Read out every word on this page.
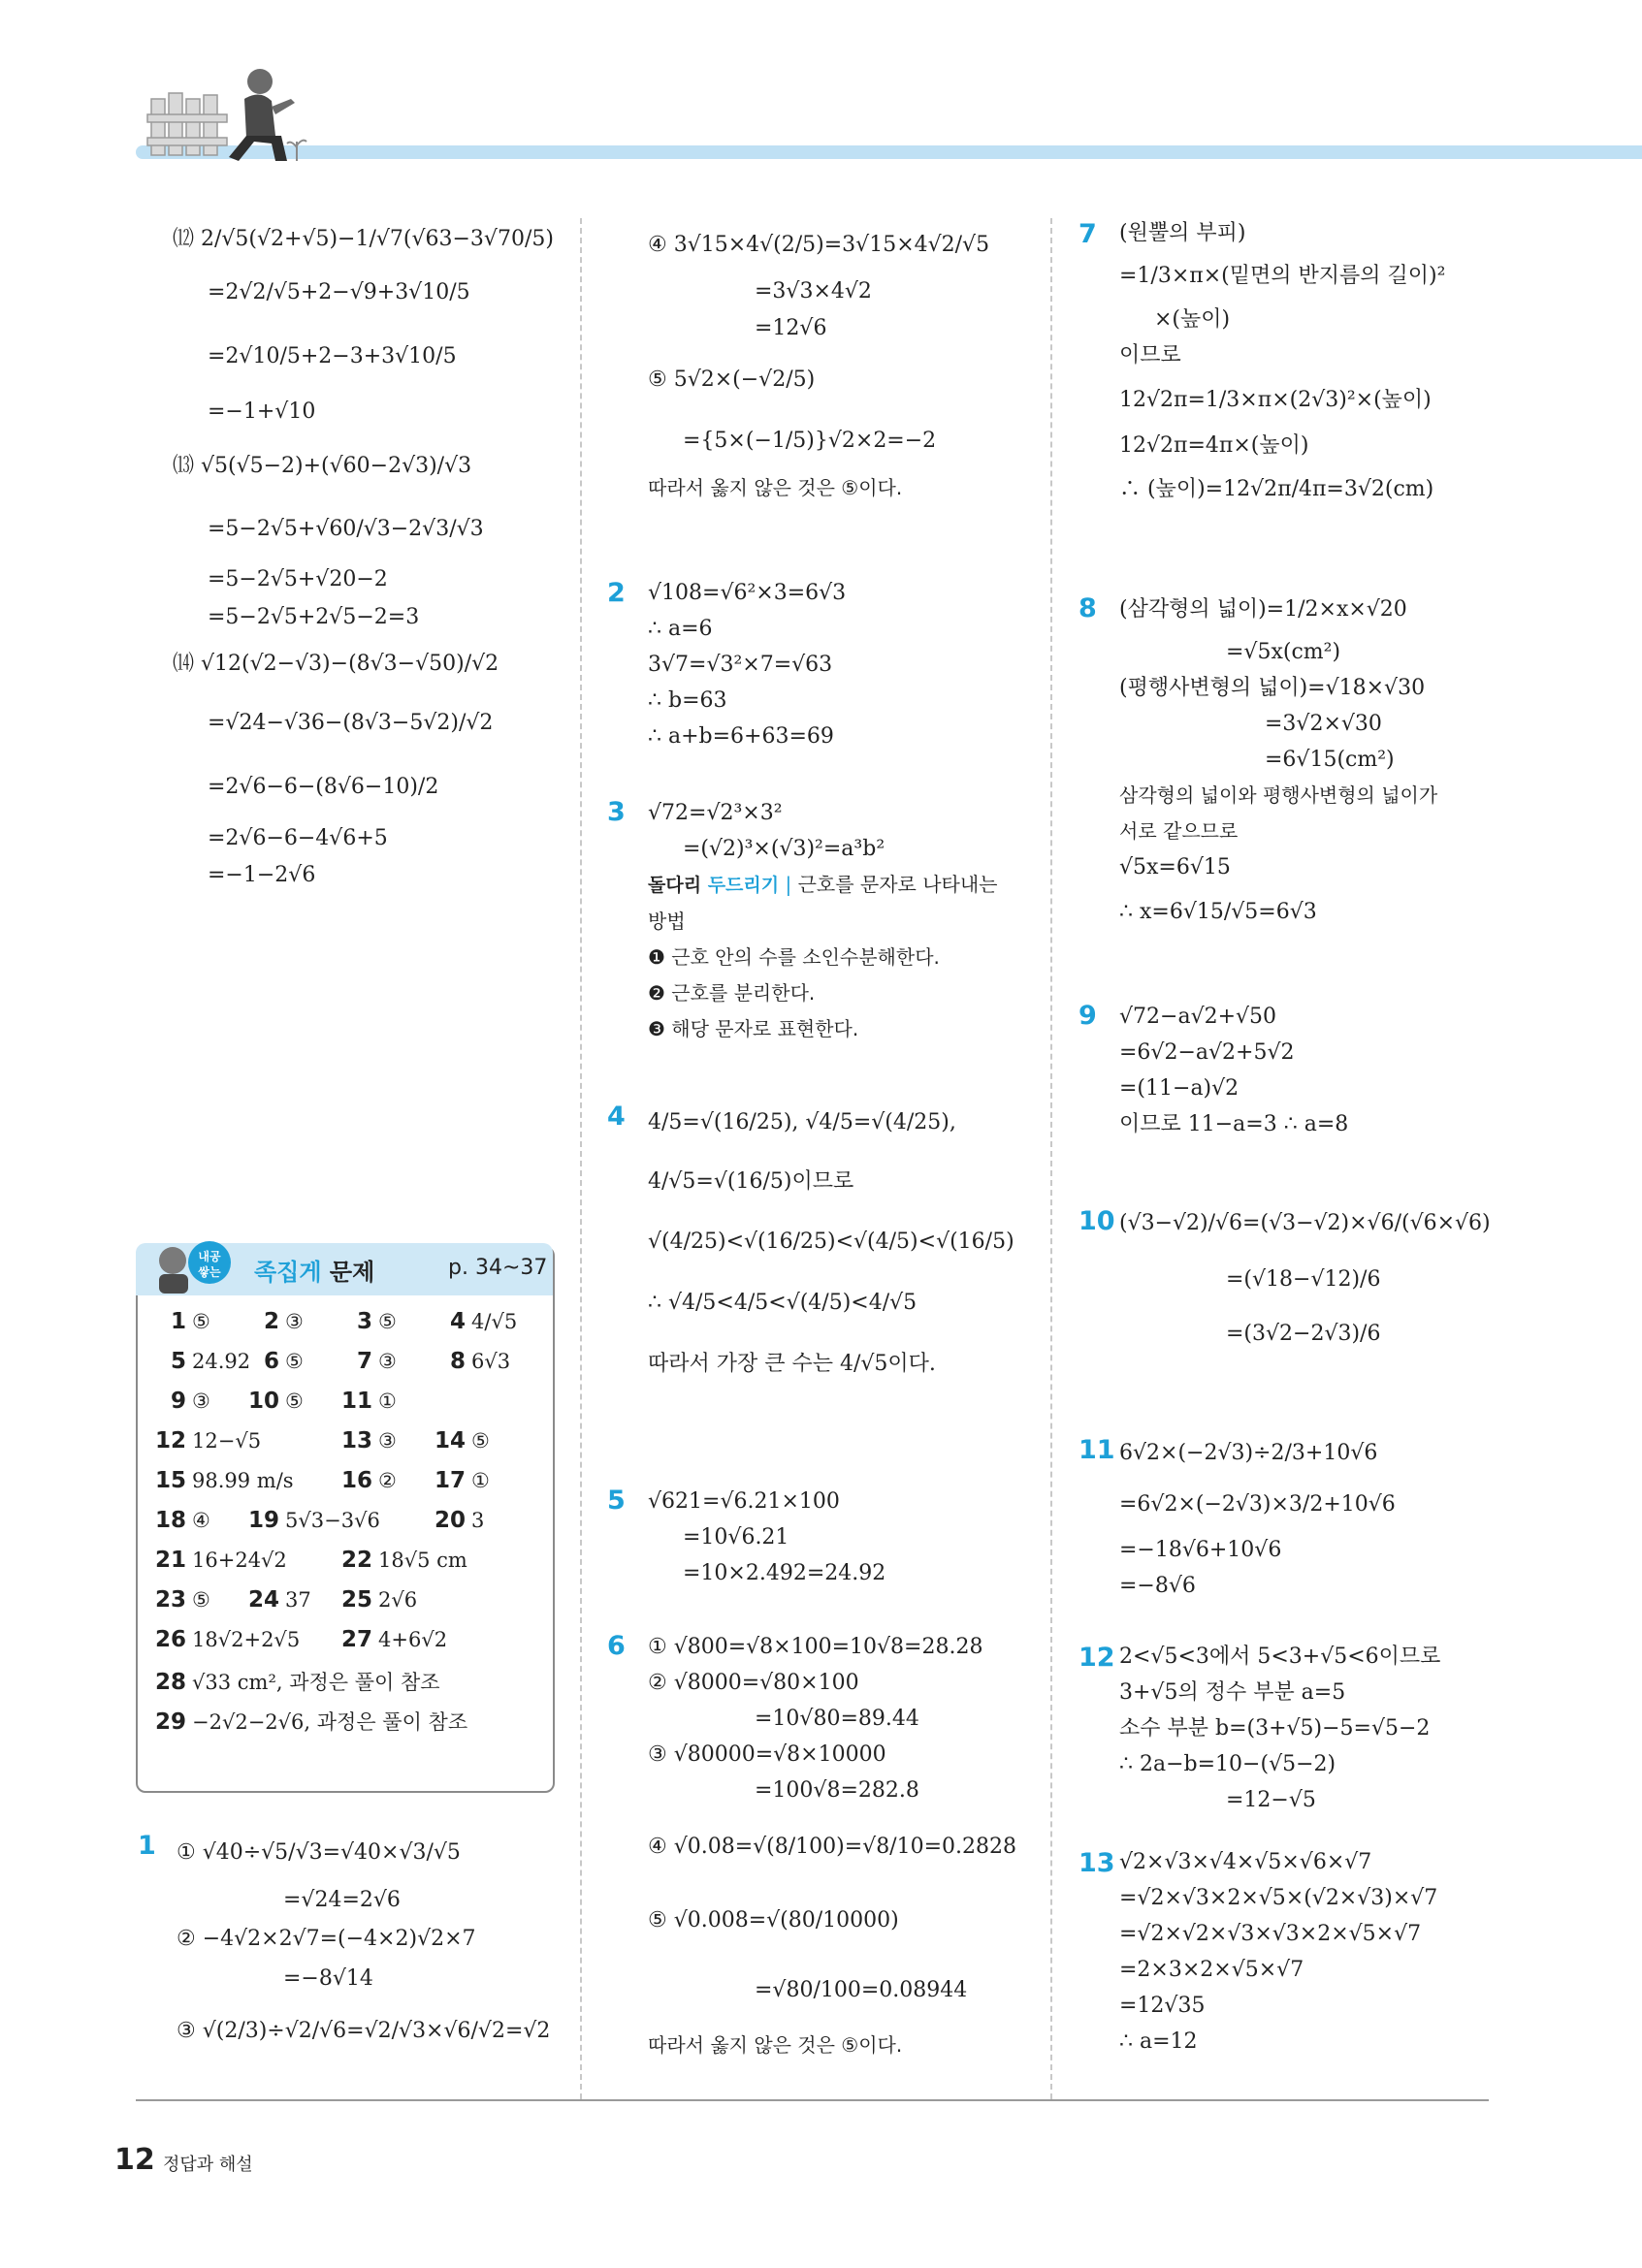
⑿ 2/√5(√2+√5)−1/√7(√63−3√70/5)
=2√2/√5+2−√9+3√10/5
=2√10/5+2−3+3√10/5
=−1+√10
⒀ √5(√5−2)+(√60−2√3)/√3
=5−2√5+√60/√3−2√3/√3
=5−2√5+√20−2
=5−2√5+2√5−2=3
⒁ √12(√2−√3)−(8√3−√50)/√2
=√24−√36−(8√3−5√2)/√2
=2√6−6−(8√6−10)/2
=2√6−6−4√6+5
=−1−2√6
내공
쌓는 족집게 문제	p. 34~37
1 ⑤ 2 ③ 3 ⑤ 4 4/√5
5 24.92 6 ⑤ 7 ③ 8 6√3
9 ③ 10 ⑤ 11 ①
12 12−√5	13 ③ 14 ⑤
15 98.99 m/s 16 ② 17 ①
18 ④ 19 5√3−3√6 20 3
21 16+24√2 22 18√5 cm
23 ⑤ 24 37 25 2√6
26 18√2+2√5 27 4+6√2
28 √33 cm², 과정은 풀이 참조
29 −2√2−2√6, 과정은 풀이 참조
1 ① √40÷√5/√3=√40×√3/√5
=√24=2√6
② −4√2×2√7=(−4×2)√2×7
=−8√14
③ √(2/3)÷√2/√6=√2/√3×√6/√2=√2
④ 3√15×4√(2/5)=3√15×4√2/√5
=3√3×4√2
=12√6
⑤ 5√2×(−√2/5)
={5×(−1/5)}√2×2=−2
따라서 옳지 않은 것은 ⑤이다.
2 √108=√6²×3=6√3
∴ a=6
3√7=√3²×7=√63
∴ b=63
∴ a+b=6+63=69
3 √72=√2³×3²
=(√2)³×(√3)²=a³b²
돌다리 두드리기 | 근호를 문자로 나타내는
방법
❶ 근호 안의 수를 소인수분해한다.
❷ 근호를 분리한다.
❸ 해당 문자로 표현한다.
4 4/5=√(16/25), √4/5=√(4/25),
4/√5=√(16/5)이므로
√(4/25)<√(16/25)<√(4/5)<√(16/5)
∴ √4/5<4/5<√(4/5)<4/√5
따라서 가장 큰 수는 4/√5이다.
5 √621=√6.21×100
=10√6.21
=10×2.492=24.92
6 ① √800=√8×100=10√8=28.28
② √8000=√80×100
=10√80=89.44
③ √80000=√8×10000
=100√8=282.8
④ √0.08=√(8/100)=√8/10=0.2828
⑤ √0.008=√(80/10000)
=√80/100=0.08944
따라서 옳지 않은 것은 ⑤이다.
7 (원뿔의 부피)
=1/3×π×(밑면의 반지름의 길이)²
×(높이)
이므로
12√2π=1/3×π×(2√3)²×(높이)
12√2π=4π×(높이)
∴ (높이)=12√2π/4π=3√2(cm)
8 (삼각형의 넓이)=1/2×x×√20
=√5x(cm²)
(평행사변형의 넓이)=√18×√30
=3√2×√30
=6√15(cm²)
삼각형의 넓이와 평행사변형의 넓이가
서로 같으므로
√5x=6√15
∴ x=6√15/√5=6√3
9 √72−a√2+√50
=6√2−a√2+5√2
=(11−a)√2
이므로 11−a=3 ∴ a=8
10 (√3−√2)/√6=(√3−√2)×√6/(√6×√6)
=(√18−√12)/6
=(3√2−2√3)/6
11 6√2×(−2√3)÷2/3+10√6
=6√2×(−2√3)×3/2+10√6
=−18√6+10√6
=−8√6
12 2<√5<3에서 5<3+√5<6이므로
3+√5의 정수 부분 a=5
소수 부분 b=(3+√5)−5=√5−2
∴ 2a−b=10−(√5−2)
=12−√5
13 √2×√3×√4×√5×√6×√7
=√2×√3×2×√5×(√2×√3)×√7
=√2×√2×√3×√3×2×√5×√7
=2×3×2×√5×√7
=12√35
∴ a=12
12 정답과 해설
